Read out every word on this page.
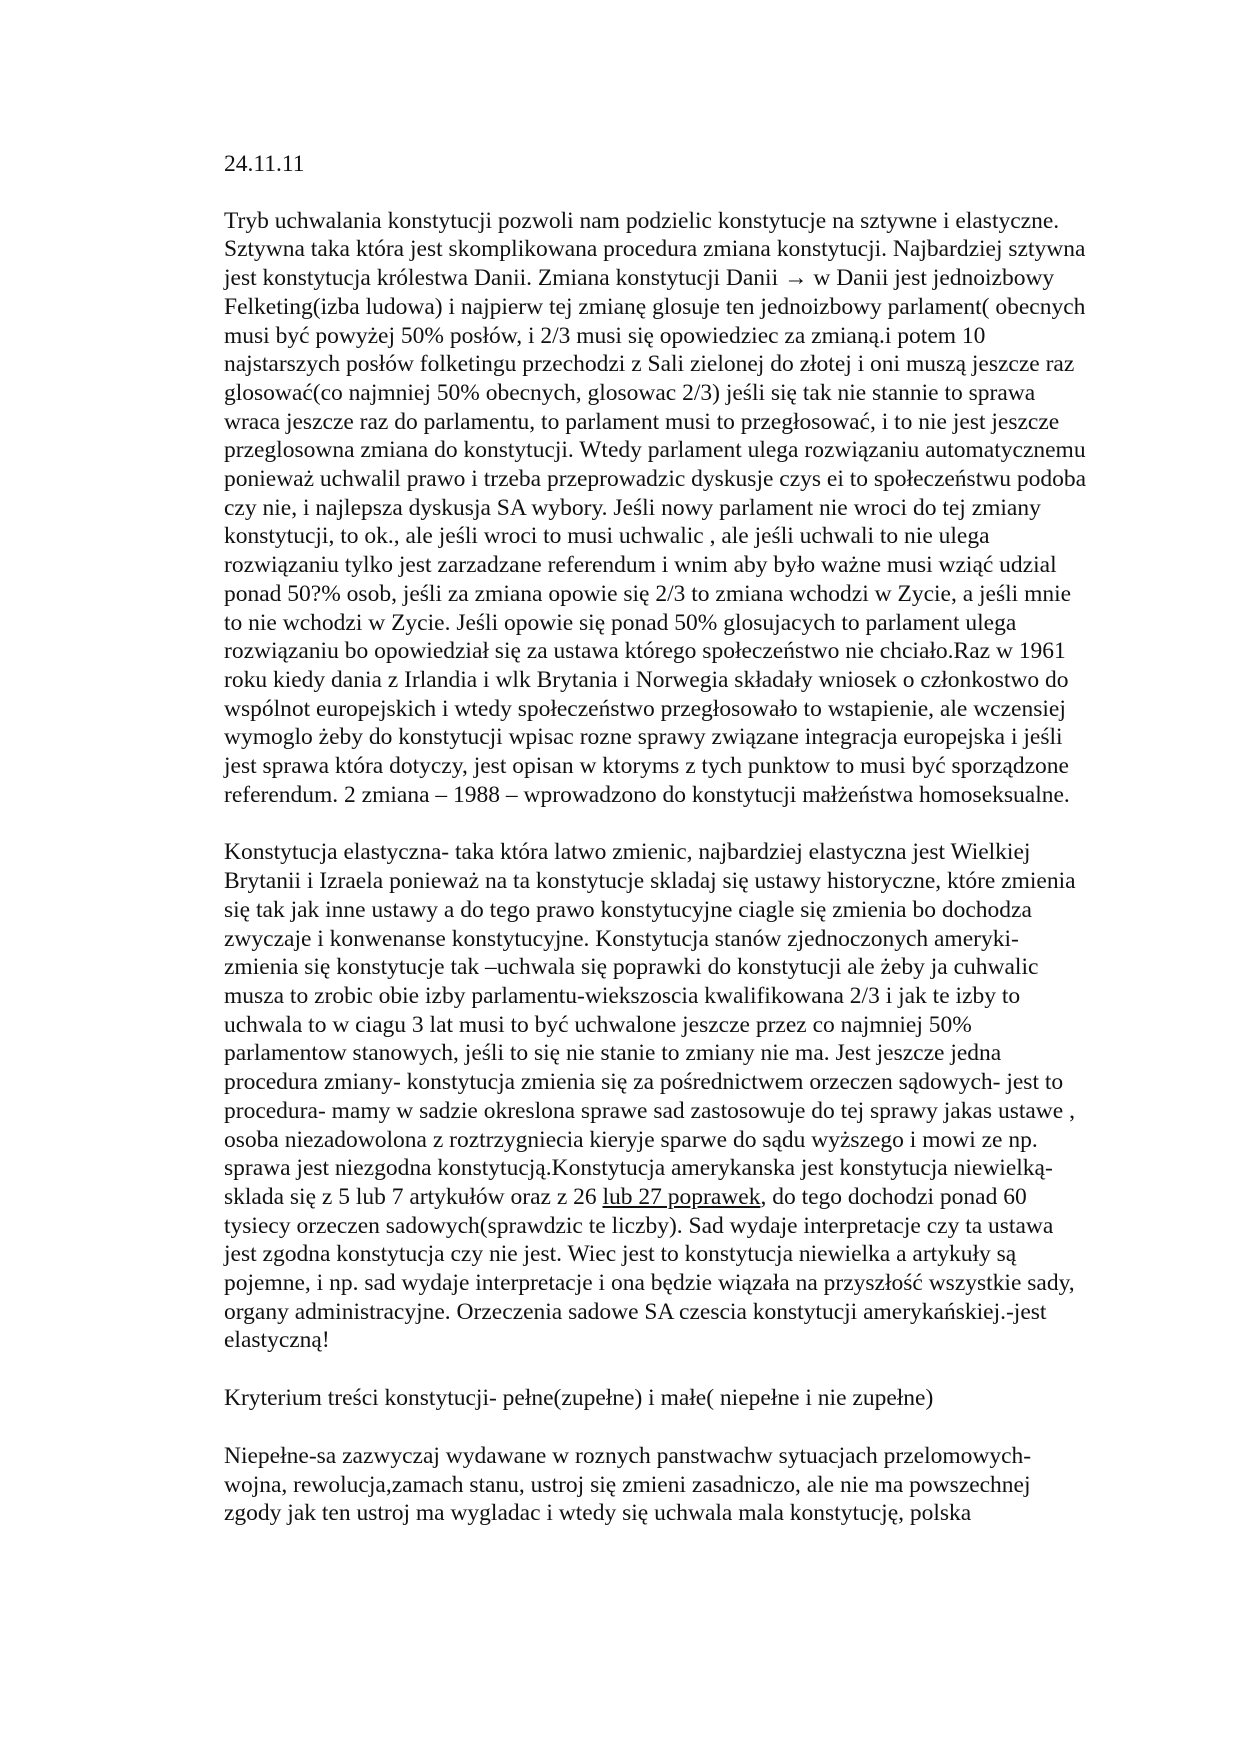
24.11.11

Tryb uchwalania konstytucji pozwoli nam podzielic konstytucje na sztywne i elastyczne. Sztywna taka która jest skomplikowana procedura zmiana konstytucji. Najbardziej sztywna jest konstytucja królestwa Danii. Zmiana konstytucji Danii → w Danii jest jednoizbowy Felketing(izba ludowa) i najpierw tej zmianę glosuje ten jednoizbowy parlament( obecnych musi być powyżej 50% posłów, i 2/3 musi się opowiedziec za zmianą.i potem 10 najstarszych posłów folketingu przechodzi z Sali zielonej do złotej i oni muszą jeszcze raz glosować(co najmniej 50% obecnych, glosowac 2/3) jeśli się tak nie stannie to sprawa wraca jeszcze raz do parlamentu, to parlament musi to przegłosować, i to nie jest jeszcze przeglosowna zmiana do konstytucji. Wtedy parlament ulega rozwiązaniu automatycznemu ponieważ uchwalil prawo i trzeba przeprowadzic dyskusje czys ei to społeczeństwu podoba czy nie, i najlepsza dyskusja SA wybory. Jeśli nowy parlament nie wroci do tej zmiany konstytucji, to ok., ale jeśli wroci to musi uchwalic , ale jeśli uchwali to nie ulega rozwiązaniu tylko jest zarzadzane referendum i wnim aby było ważne musi wziąć udzial ponad 50?% osob, jeśli za zmiana opowie się 2/3 to zmiana wchodzi w Zycie, a jeśli mnie to nie wchodzi w Zycie. Jeśli opowie się ponad 50% glosujacych to parlament ulega rozwiązaniu bo opowiedział się za ustawa którego społeczeństwo nie chciało.Raz w 1961 roku kiedy dania z Irlandia i wlk Brytania i Norwegia składały wniosek o członkostwo do wspólnot europejskich i wtedy społeczeństwo przegłosowało to wstapienie, ale wczensiej wymoglo żeby do konstytucji wpisac rozne sprawy związane integracja europejska i jeśli jest sprawa która dotyczy, jest opisan w ktoryms z tych punktow to musi być sporządzone referendum. 2 zmiana – 1988 – wprowadzono do konstytucji małżeństwa homoseksualne.

Konstytucja elastyczna- taka która latwo zmienic, najbardziej elastyczna jest Wielkiej Brytanii i Izraela ponieważ na ta konstytucje skladaj się ustawy historyczne, które zmienia się tak jak inne ustawy a do tego prawo konstytucyjne ciagle się zmienia bo dochodza zwyczaje i konwenanse konstytucyjne. Konstytucja stanów zjednoczonych ameryki-zmienia się konstytucje tak –uchwala się poprawki do konstytucji ale żeby ja cuhwalic musza to zrobic obie izby parlamentu-wiekszoscia kwalifikowana 2/3 i jak te izby to uchwala to w ciagu 3 lat musi to być uchwalone jeszcze przez co najmniej 50% parlamentow stanowych, jeśli to się nie stanie to zmiany nie ma. Jest jeszcze jedna procedura zmiany- konstytucja zmienia się za pośrednictwem orzeczen sądowych- jest to procedura- mamy w sadzie okreslona sprawe sad zastosowuje do tej sprawy jakas ustawe , osoba niezadowolona z roztrzygniecia kieryje sparwe do sądu wyższego i mowi ze np. sprawa jest niezgodna konstytucją.Konstytucja amerykanska jest konstytucja niewielką-sklada się z 5 lub 7 artykułów oraz z 26 lub 27 poprawek, do tego dochodzi ponad 60 tysiecy orzeczen sadowych(sprawdzic te liczby). Sad wydaje interpretacje czy ta ustawa jest zgodna konstytucja czy nie jest. Wiec jest to konstytucja niewielka a artykuły są pojemne, i np. sad wydaje interpretacje i ona będzie wiązała na przyszłość wszystkie sady, organy administracyjne. Orzeczenia sadowe SA czescia konstytucji amerykańskiej.-jest elastyczną!

Kryterium treści konstytucji- pełne(zupełne) i małe( niepełne i nie zupełne)

Niepełne-sa zazwyczaj wydawane w roznych panstwachw sytuacjach przelomowych- wojna, rewolucja,zamach stanu, ustroj się zmieni zasadniczo, ale nie ma powszechnej zgody jak ten ustroj ma wygladac i wtedy się uchwala mala konstytucję, polska
